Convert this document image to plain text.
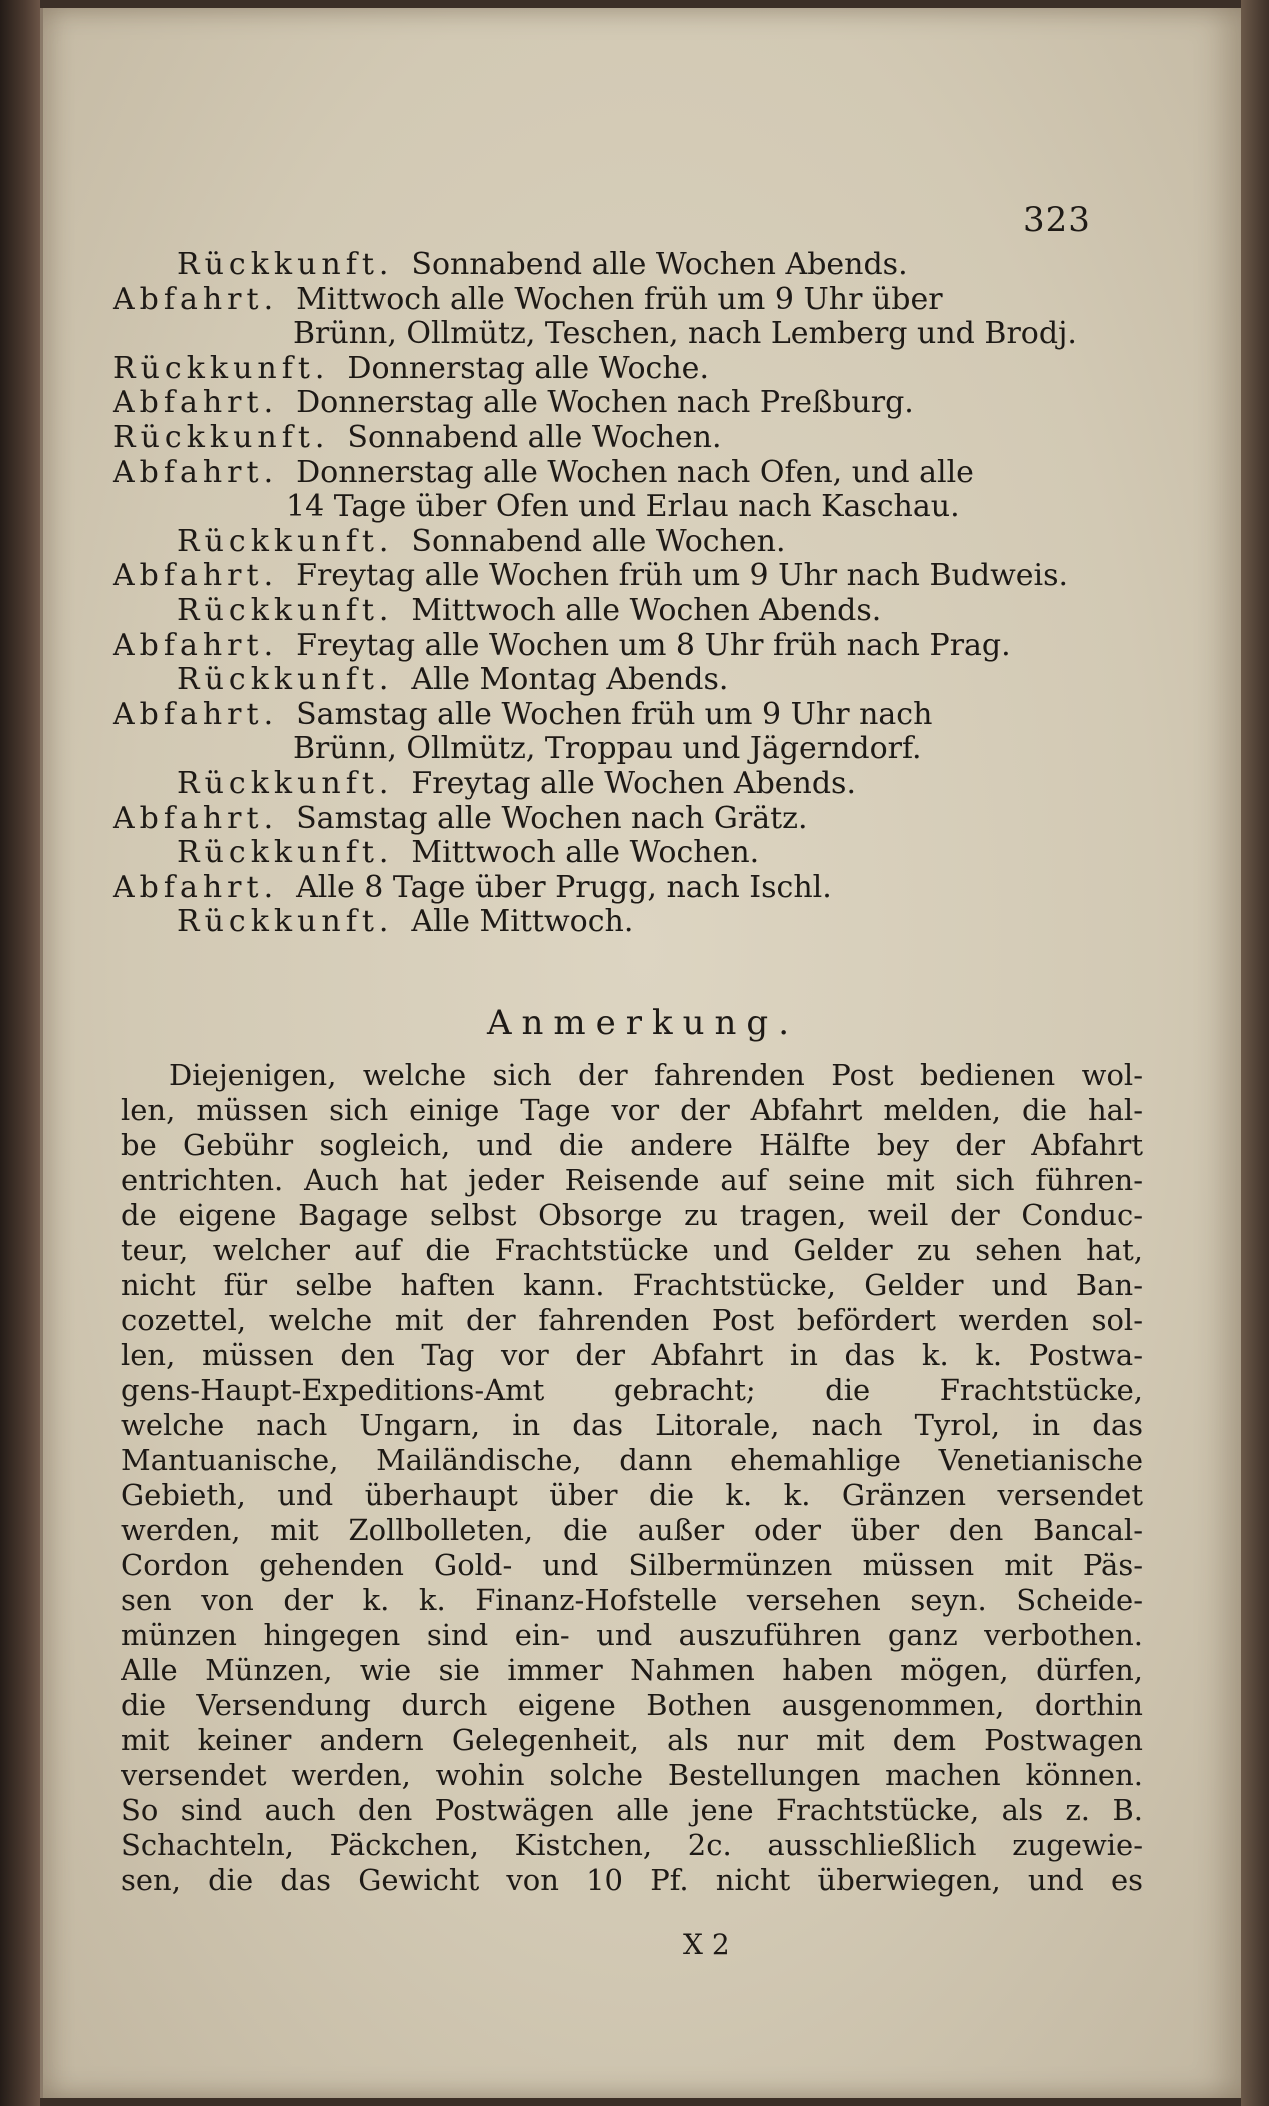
323
Rückkunft. Sonnabend alle Wochen Abends.
Abfahrt. Mittwoch alle Wochen früh um 9 Uhr über
Brünn, Ollmütz, Teschen, nach Lemberg und Brodj.
Rückkunft. Donnerstag alle Woche.
Abfahrt. Donnerstag alle Wochen nach Preßburg.
Rückkunft. Sonnabend alle Wochen.
Abfahrt. Donnerstag alle Wochen nach Ofen, und alle
14 Tage über Ofen und Erlau nach Kaschau.
Rückkunft. Sonnabend alle Wochen.
Abfahrt. Freytag alle Wochen früh um 9 Uhr nach Budweis.
Rückkunft. Mittwoch alle Wochen Abends.
Abfahrt. Freytag alle Wochen um 8 Uhr früh nach Prag.
Rückkunft. Alle Montag Abends.
Abfahrt. Samstag alle Wochen früh um 9 Uhr nach
Brünn, Ollmütz, Troppau und Jägerndorf.
Rückkunft. Freytag alle Wochen Abends.
Abfahrt. Samstag alle Wochen nach Grätz.
Rückkunft. Mittwoch alle Wochen.
Abfahrt. Alle 8 Tage über Prugg, nach Ischl.
Rückkunft. Alle Mittwoch.
Anmerkung.
Diejenigen, welche sich der fahrenden Post bedienen wol-
len, müssen sich einige Tage vor der Abfahrt melden, die hal-
be Gebühr sogleich, und die andere Hälfte bey der Abfahrt
entrichten. Auch hat jeder Reisende auf seine mit sich führen-
de eigene Bagage selbst Obsorge zu tragen, weil der Conduc-
teur, welcher auf die Frachtstücke und Gelder zu sehen hat,
nicht für selbe haften kann. Frachtstücke, Gelder und Ban-
cozettel, welche mit der fahrenden Post befördert werden sol-
len, müssen den Tag vor der Abfahrt in das k. k. Postwa-
gens-Haupt-Expeditions-Amt gebracht; die Frachtstücke,
welche nach Ungarn, in das Litorale, nach Tyrol, in das
Mantuanische, Mailändische, dann ehemahlige Venetianische
Gebieth, und überhaupt über die k. k. Gränzen versendet
werden, mit Zollbolleten, die außer oder über den Bancal-
Cordon gehenden Gold- und Silbermünzen müssen mit Päs-
sen von der k. k. Finanz-Hofstelle versehen seyn. Scheide-
münzen hingegen sind ein- und auszuführen ganz verbothen.
Alle Münzen, wie sie immer Nahmen haben mögen, dürfen,
die Versendung durch eigene Bothen ausgenommen, dorthin
mit keiner andern Gelegenheit, als nur mit dem Postwagen
versendet werden, wohin solche Bestellungen machen können.
So sind auch den Postwägen alle jene Frachtstücke, als z. B.
Schachteln, Päckchen, Kistchen, 2c. ausschließlich zugewie-
sen, die das Gewicht von 10 Pf. nicht überwiegen, und es
X 2
